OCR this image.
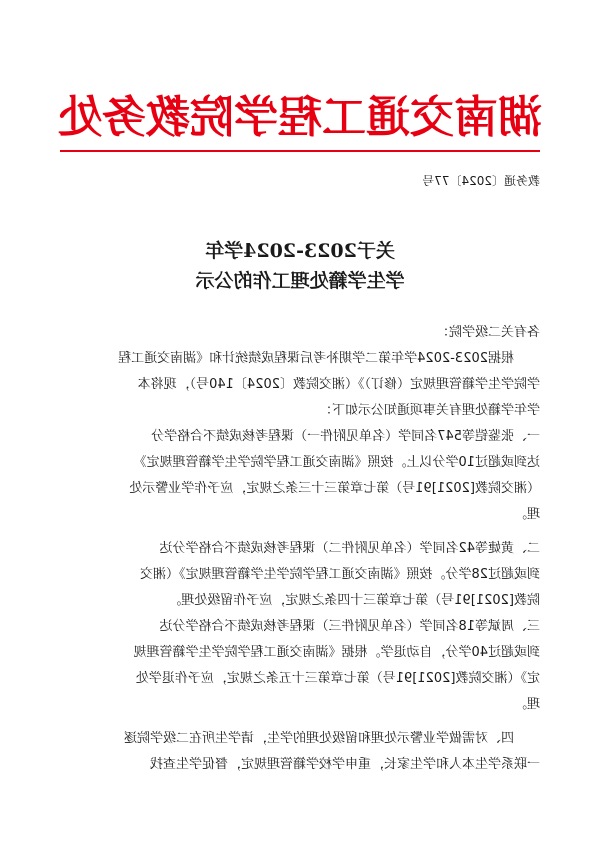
湖南交通工程学院教务处
教务通〔2024〕77号
关于2023-2024学年
学生学籍处理工作的公示
各有关二级学院：
根据2023-2024学年第二学期补考后课程成绩统计和《湖南交通工程
学院学生学籍管理规定（修订）》（湘交院教〔2024〕140号），现将本
学年学籍处理有关事项通知公示如下：
一、张鉴铠等547名同学（名单见附件一）课程考核成绩不合格学分
达到或超过10学分以上。按照《湖南交通工程学院学生学籍管理规定》
（湘交院教[2021]91号）第七章第三十三条之规定，应予作学业警示处
理。
二、黄婕等42名同学（名单见附件二）课程考核成绩不合格学分达
到或超过28学分。按照《湖南交通工程学院学生学籍管理规定》（湘交
院教[2021]91号）第七章第三十四条之规定，应予作留级处理。
三、周斌等18名同学（名单见附件三）课程考核成绩不合格学分达
到或超过40学分，自动退学。根据《湖南交通工程学院学生学籍管理规
定》（湘交院教[2021]91号）第七章第三十五条之规定，应予作退学处
理。
四、对需做学业警示处理和留级处理的学生，请学生所在二级学院逐
一联系学生本人和学生家长，重申学校学籍管理规定，督促学生查找
